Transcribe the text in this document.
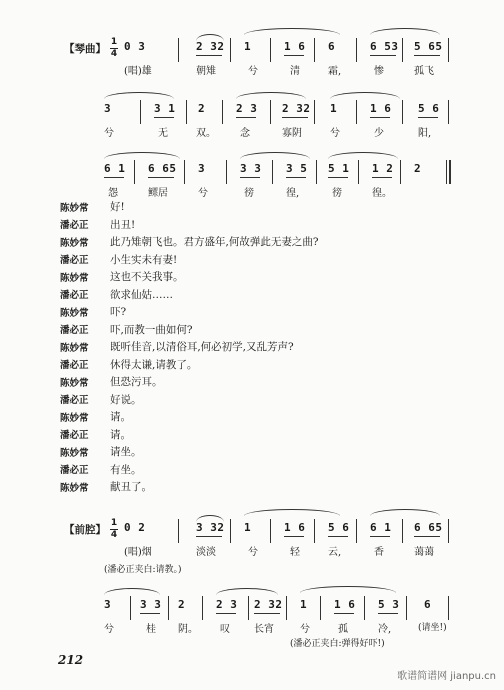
【琴曲】
1
4
0 3	2 32 1	1 6 6	6 53 5 65
(唱)雄	朝雉	兮	清	霜,	惨	孤飞
3	3 1 2	2 3 2 32 1	1 6 5 6
兮	无	双。 念	寡阴	兮	少	阳,
6 1 6 65 3	3 3 3 5 5 1 1 2 2
怨	鳏居	兮	徬	徨,	徬	徨。
陈妙常	好!
潘必正	出丑!
陈妙常	此乃雉朝飞也。君方盛年,何故弹此无妻之曲?
潘必正	小生实未有妻!
陈妙常	这也不关我事。
潘必正	欲求仙姑……
陈妙常	吓?
潘必正	吓,而教一曲如何?
陈妙常	既听佳音,以清俗耳,何必初学,又乱芳声?
潘必正	休得太谦,请教了。
陈妙常	但恐污耳。
潘必正	好说。
陈妙常	请。
潘必正	请。
陈妙常	请坐。
潘必正	有坐。
陈妙常	献丑了。
【前腔】
1
4
0 2	3 32 1	1 6 5 6 6 1 6 65
(唱)烟	淡淡	兮	轻	云,	香	蔼蔼
(潘必正夹白:请教。)
3	3 3 2	2 3 2 32 1 1 6 5 3 6
兮	桂 阴。 叹 长宵	兮	孤	冷,	(请坐!)
(潘必正夹白:弹得好吓!)
212
歌谱简谱网 jianpu.cn
